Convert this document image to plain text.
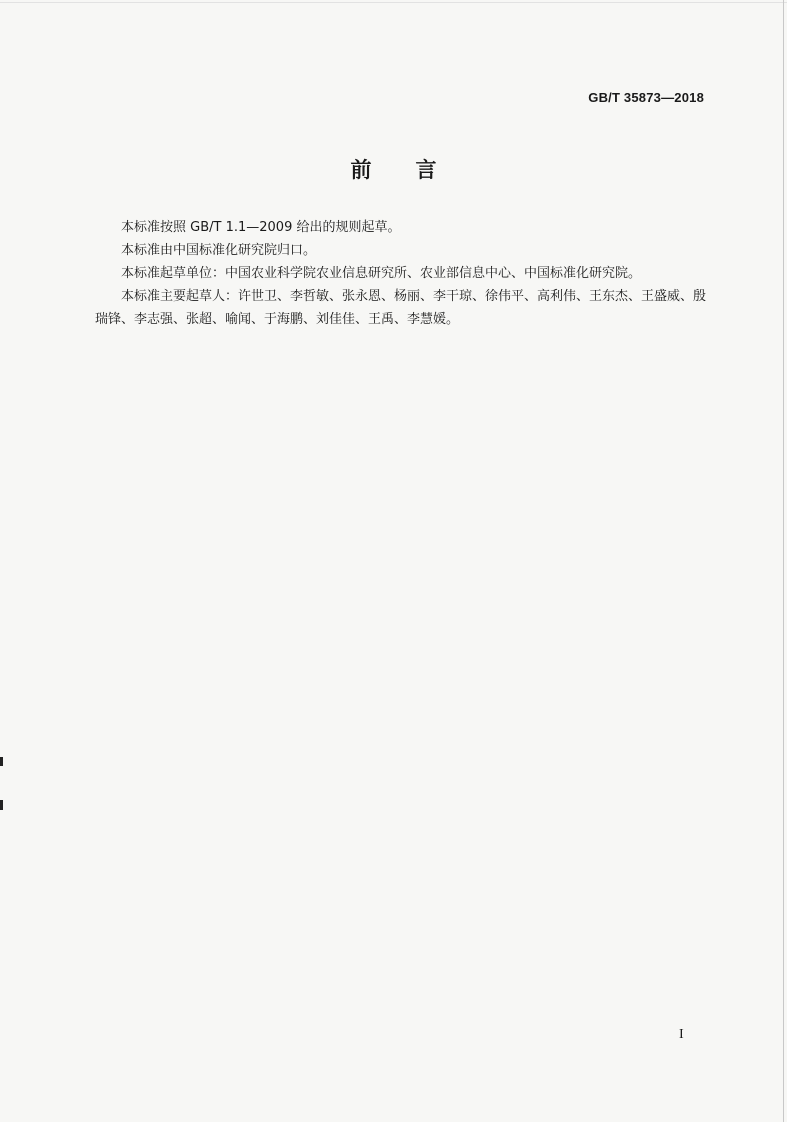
GB/T 35873—2018
前言

本标准按照 GB/T 1.1—2009 给出的规则起草。

本标准由中国标准化研究院归口。

本标准起草单位：中国农业科学院农业信息研究所、农业部信息中心、中国标准化研究院。

本标准主要起草人：许世卫、李哲敏、张永恩、杨丽、李干琼、徐伟平、高利伟、王东杰、王盛威、殷瑞锋、李志强、张超、喻闻、于海鹏、刘佳佳、王禹、李慧媛。

I
